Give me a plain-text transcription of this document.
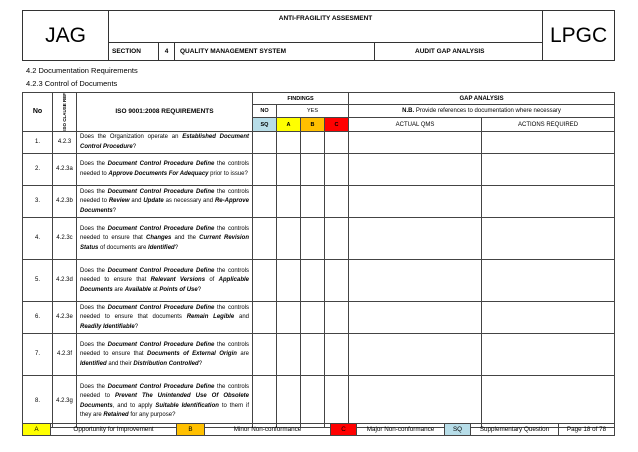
JAG	ANTI-FRAGILITY ASSESMENT				LPGC
	SECTION	4	QUALITY MANAGEMENT SYSTEM	AUDIT GAP ANALYSIS	
4.2 Documentation Requirements
4.2.3 Control of Documents
No	ISO CLAUSE REF	ISO 9001:2008 REQUIREMENTS	FINDINGS				GAP ANALYSIS	
			NO	YES			N.B. Provide references to documentation where necessary	
			SQ	A	B	C	ACTUAL QMS	ACTIONS REQUIRED
1.	4.2.3	Does the Organization operate an Established Document Control Procedure?						
2.	4.2.3a	Does the Document Control Procedure Define the controls needed to Approve Documents For Adequacy prior to issue?						
3.	4.2.3b	Does the Document Control Procedure Define the controls needed to Review and Update as necessary and Re-Approve Documents?						
4.	4.2.3c	Does the Document Control Procedure Define the controls needed to ensure that Changes and the Current Revision Status of documents are Identified?						
5.	4.2.3d	Does the Document Control Procedure Define the controls needed to ensure that Relevant Versions of Applicable Documents are Available at Points of Use?						
6.	4.2.3e	Does the Document Control Procedure Define the controls needed to ensure that documents Remain Legible and Readily Identifiable?						
7.	4.2.3f	Does the Document Control Procedure Define the controls needed to ensure that Documents of External Origin are Identified and their Distribution Controlled?						
8.	4.2.3g	Does the Document Control Procedure Define the controls needed to Prevent The Unintended Use Of Obsolete Documents, and to apply Suitable Identification to them if they are Retained for any purpose?						
A	Opportunity for Improvement	B	Minor Non-conformance	C	Major Non-conformance	SQ	Supplementary Question	Page 18 of 78
